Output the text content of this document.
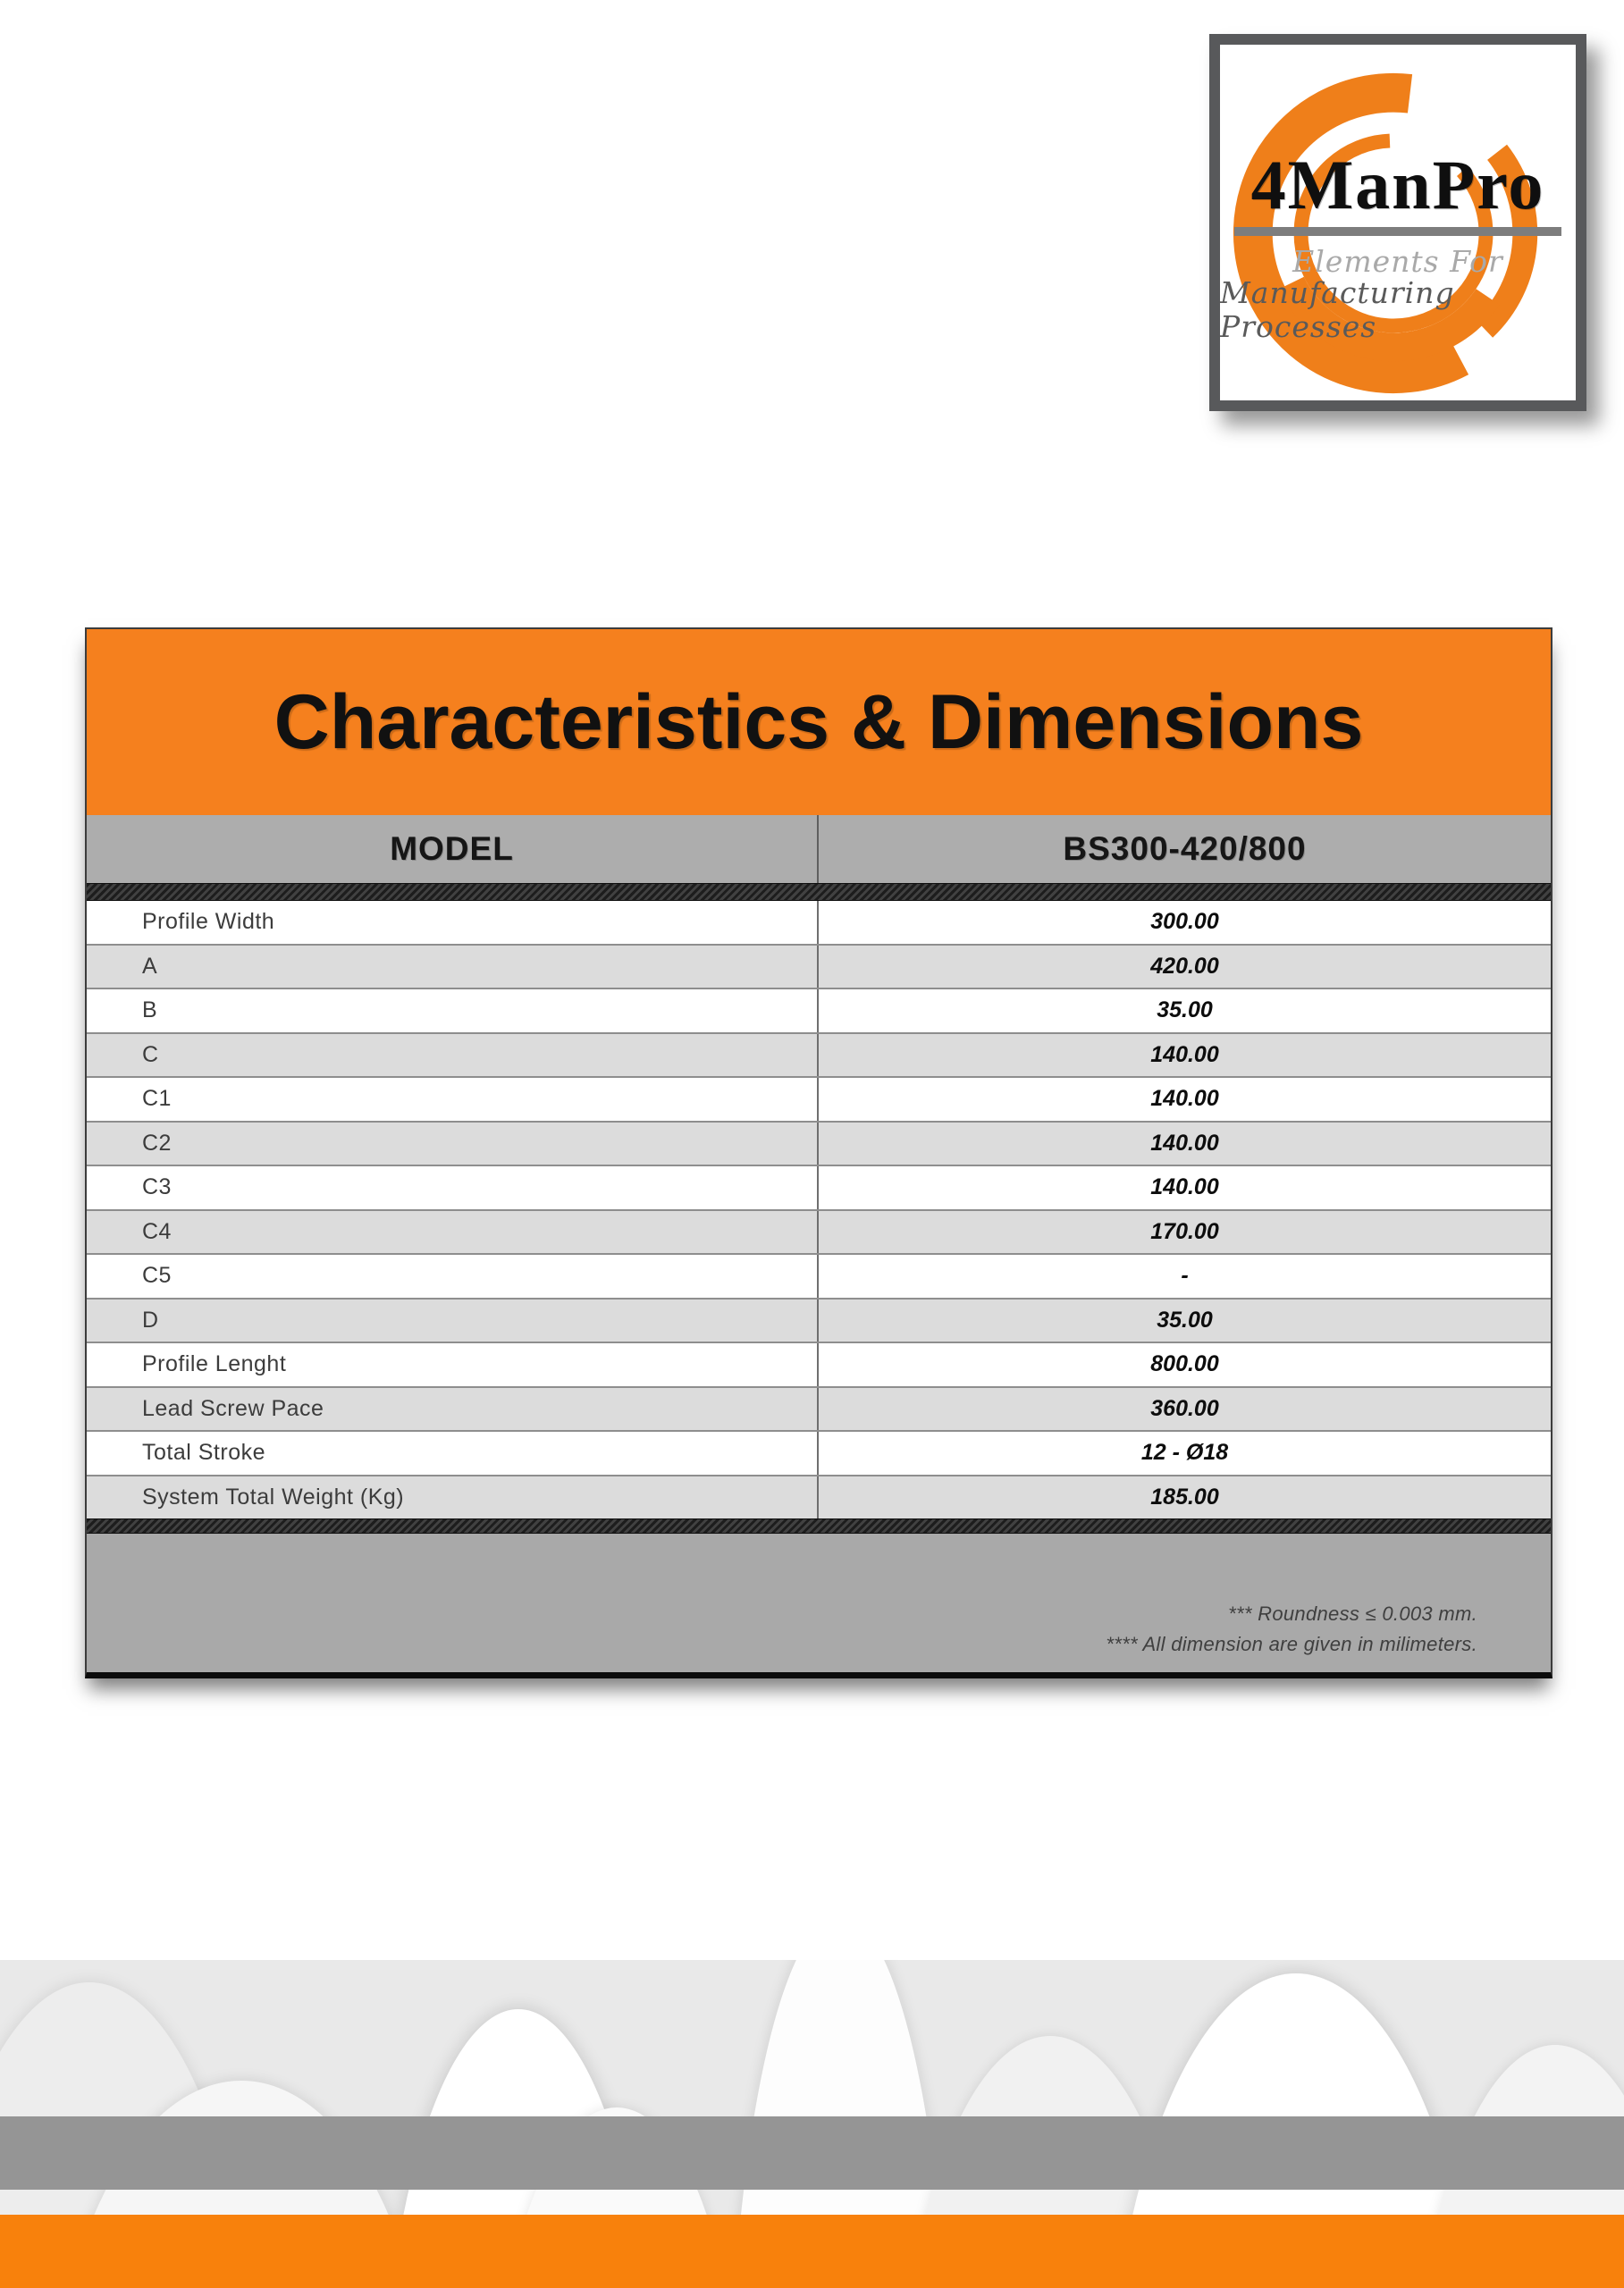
4ManPro
Elements For
Manufacturing Processes
Characteristics & Dimensions
MODEL	BS300-420/800
Profile Width	300.00
A	420.00
B	35.00
C	140.00
C1	140.00
C2	140.00
C3	140.00
C4	170.00
C5	-
D	35.00
Profile Lenght	800.00
Lead Screw Pace	360.00
Total Stroke	12 - Ø18
System Total Weight (Kg)	185.00
*** Roundness ≤ 0.003 mm.
**** All dimension are given in milimeters.
